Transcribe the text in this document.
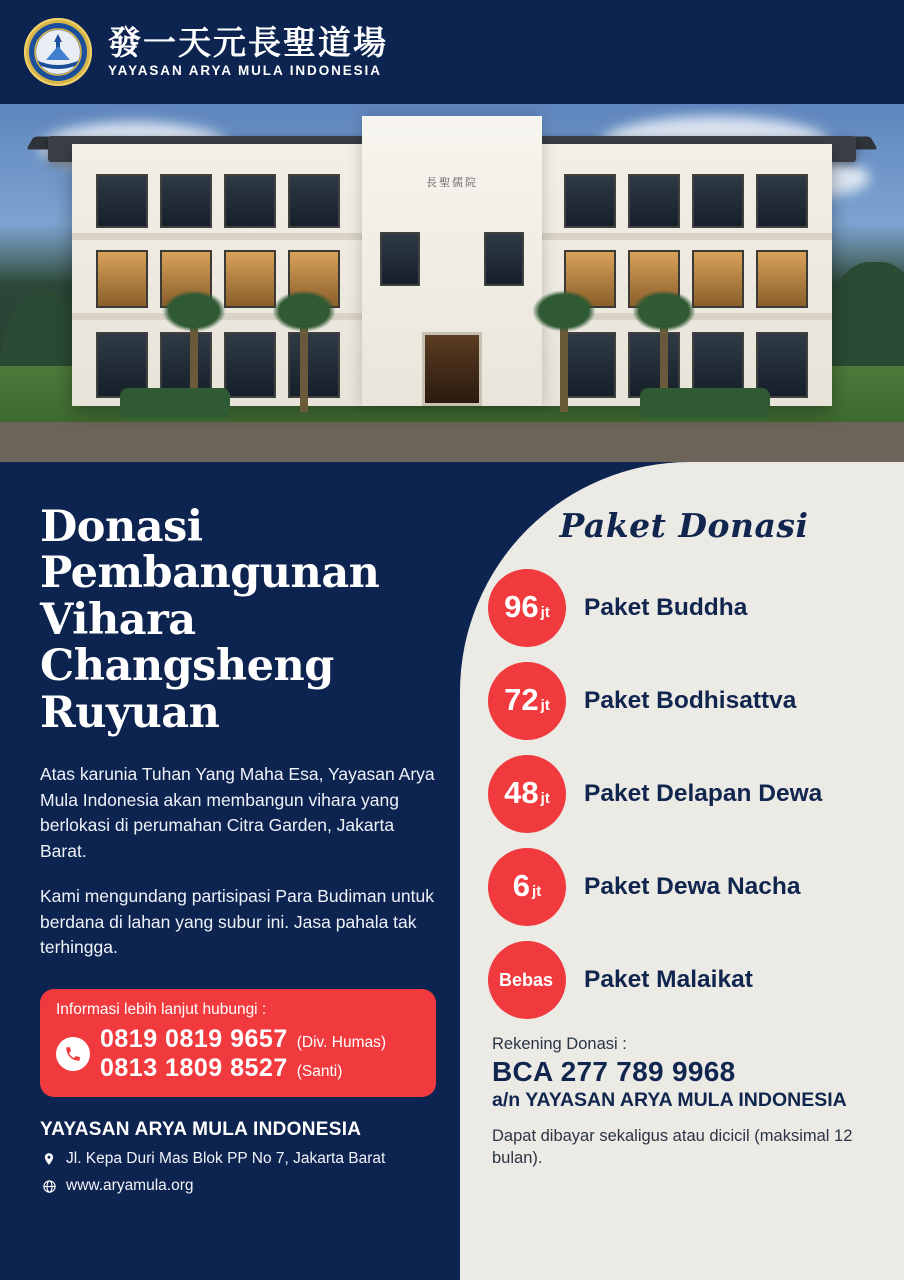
發一天元長聖道場
YAYASAN ARYA MULA INDONESIA
長聖儒院
Donasi Pembangunan Vihara Changsheng Ruyuan
Atas karunia Tuhan Yang Maha Esa, Yayasan Arya Mula Indonesia akan membangun vihara yang berlokasi di perumahan Citra Garden, Jakarta Barat.
Kami mengundang partisipasi Para Budiman untuk berdana di lahan yang subur ini. Jasa pahala tak terhingga.
Informasi lebih lanjut hubungi :
0819 0819 9657 (Div. Humas)
0813 1809 8527 (Santi)
YAYASAN ARYA MULA INDONESIA
Jl. Kepa Duri Mas Blok PP No 7, Jakarta Barat
www.aryamula.org
Paket Donasi
96 jt Paket Buddha
72 jt Paket Bodhisattva
48 jt Paket Delapan Dewa
6 jt Paket Dewa Nacha
Bebas Paket Malaikat
Rekening Donasi :
BCA 277 789 9968
a/n YAYASAN ARYA MULA INDONESIA
Dapat dibayar sekaligus atau dicicil (maksimal 12 bulan).
